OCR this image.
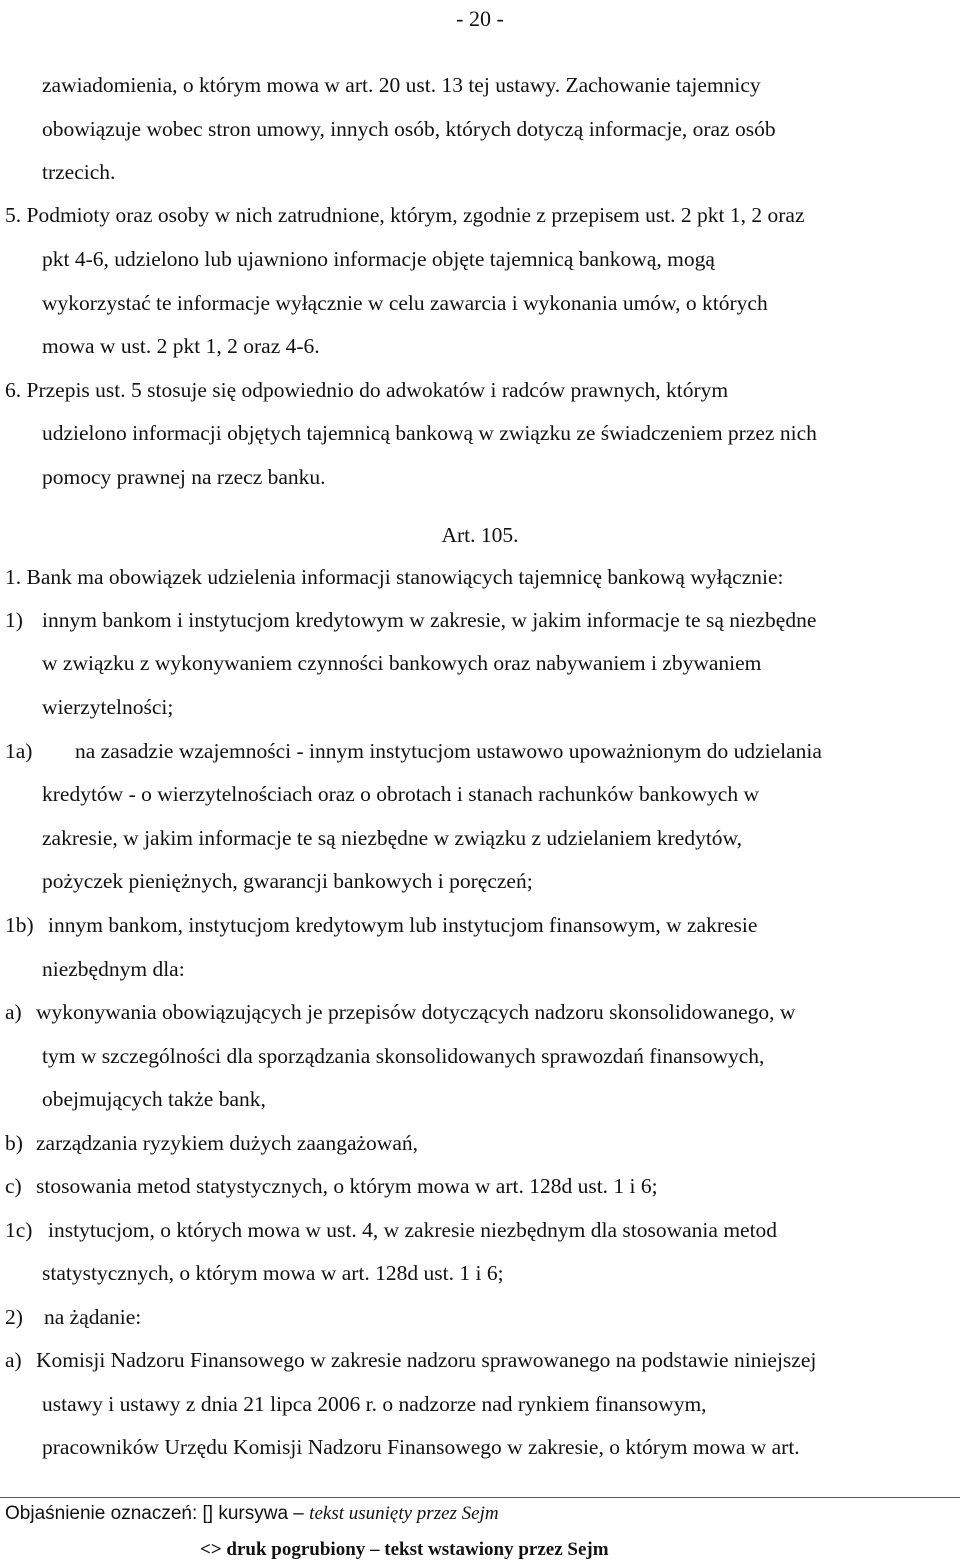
- 20 -

zawiadomienia, o którym mowa w art. 20 ust. 13 tej ustawy. Zachowanie tajemnicy

obowiązuje wobec stron umowy, innych osób, których dotyczą informacje, oraz osób

trzecich.

5. Podmioty oraz osoby w nich zatrudnione, którym, zgodnie z przepisem ust. 2 pkt 1, 2 oraz

pkt 4-6, udzielono lub ujawniono informacje objęte tajemnicą bankową, mogą

wykorzystać te informacje wyłącznie w celu zawarcia i wykonania umów, o których

mowa w ust. 2 pkt 1, 2 oraz 4-6.

6. Przepis ust. 5 stosuje się odpowiednio do adwokatów i radców prawnych, którym

udzielono informacji objętych tajemnicą bankową w związku ze świadczeniem przez nich

pomocy prawnej na rzecz banku.

Art. 105.

1. Bank ma obowiązek udzielenia informacji stanowiących tajemnicę bankową wyłącznie:

1) innym bankom i instytucjom kredytowym w zakresie, w jakim informacje te są niezbędne

w związku z wykonywaniem czynności bankowych oraz nabywaniem i zbywaniem

wierzytelności;

1a)	na zasadzie wzajemności - innym instytucjom ustawowo upoważnionym do udzielania

kredytów - o wierzytelnościach oraz o obrotach i stanach rachunków bankowych w

zakresie, w jakim informacje te są niezbędne w związku z udzielaniem kredytów,

pożyczek pieniężnych, gwarancji bankowych i poręczeń;

1b) innym bankom, instytucjom kredytowym lub instytucjom finansowym, w zakresie

niezbędnym dla:

a) wykonywania obowiązujących je przepisów dotyczących nadzoru skonsolidowanego, w

tym w szczególności dla sporządzania skonsolidowanych sprawozdań finansowych,

obejmujących także bank,

b) zarządzania ryzykiem dużych zaangażowań,

c) stosowania metod statystycznych, o którym mowa w art. 128d ust. 1 i 6;

1c) instytucjom, o których mowa w ust. 4, w zakresie niezbędnym dla stosowania metod

statystycznych, o którym mowa w art. 128d ust. 1 i 6;

2) na żądanie:

a) Komisji Nadzoru Finansowego w zakresie nadzoru sprawowanego na podstawie niniejszej

ustawy i ustawy z dnia 21 lipca 2006 r. o nadzorze nad rynkiem finansowym,

pracowników Urzędu Komisji Nadzoru Finansowego w zakresie, o którym mowa w art.

Objaśnienie oznaczeń: [] kursywa – tekst usunięty przez Sejm
<> druk pogrubiony – tekst wstawiony przez Sejm
